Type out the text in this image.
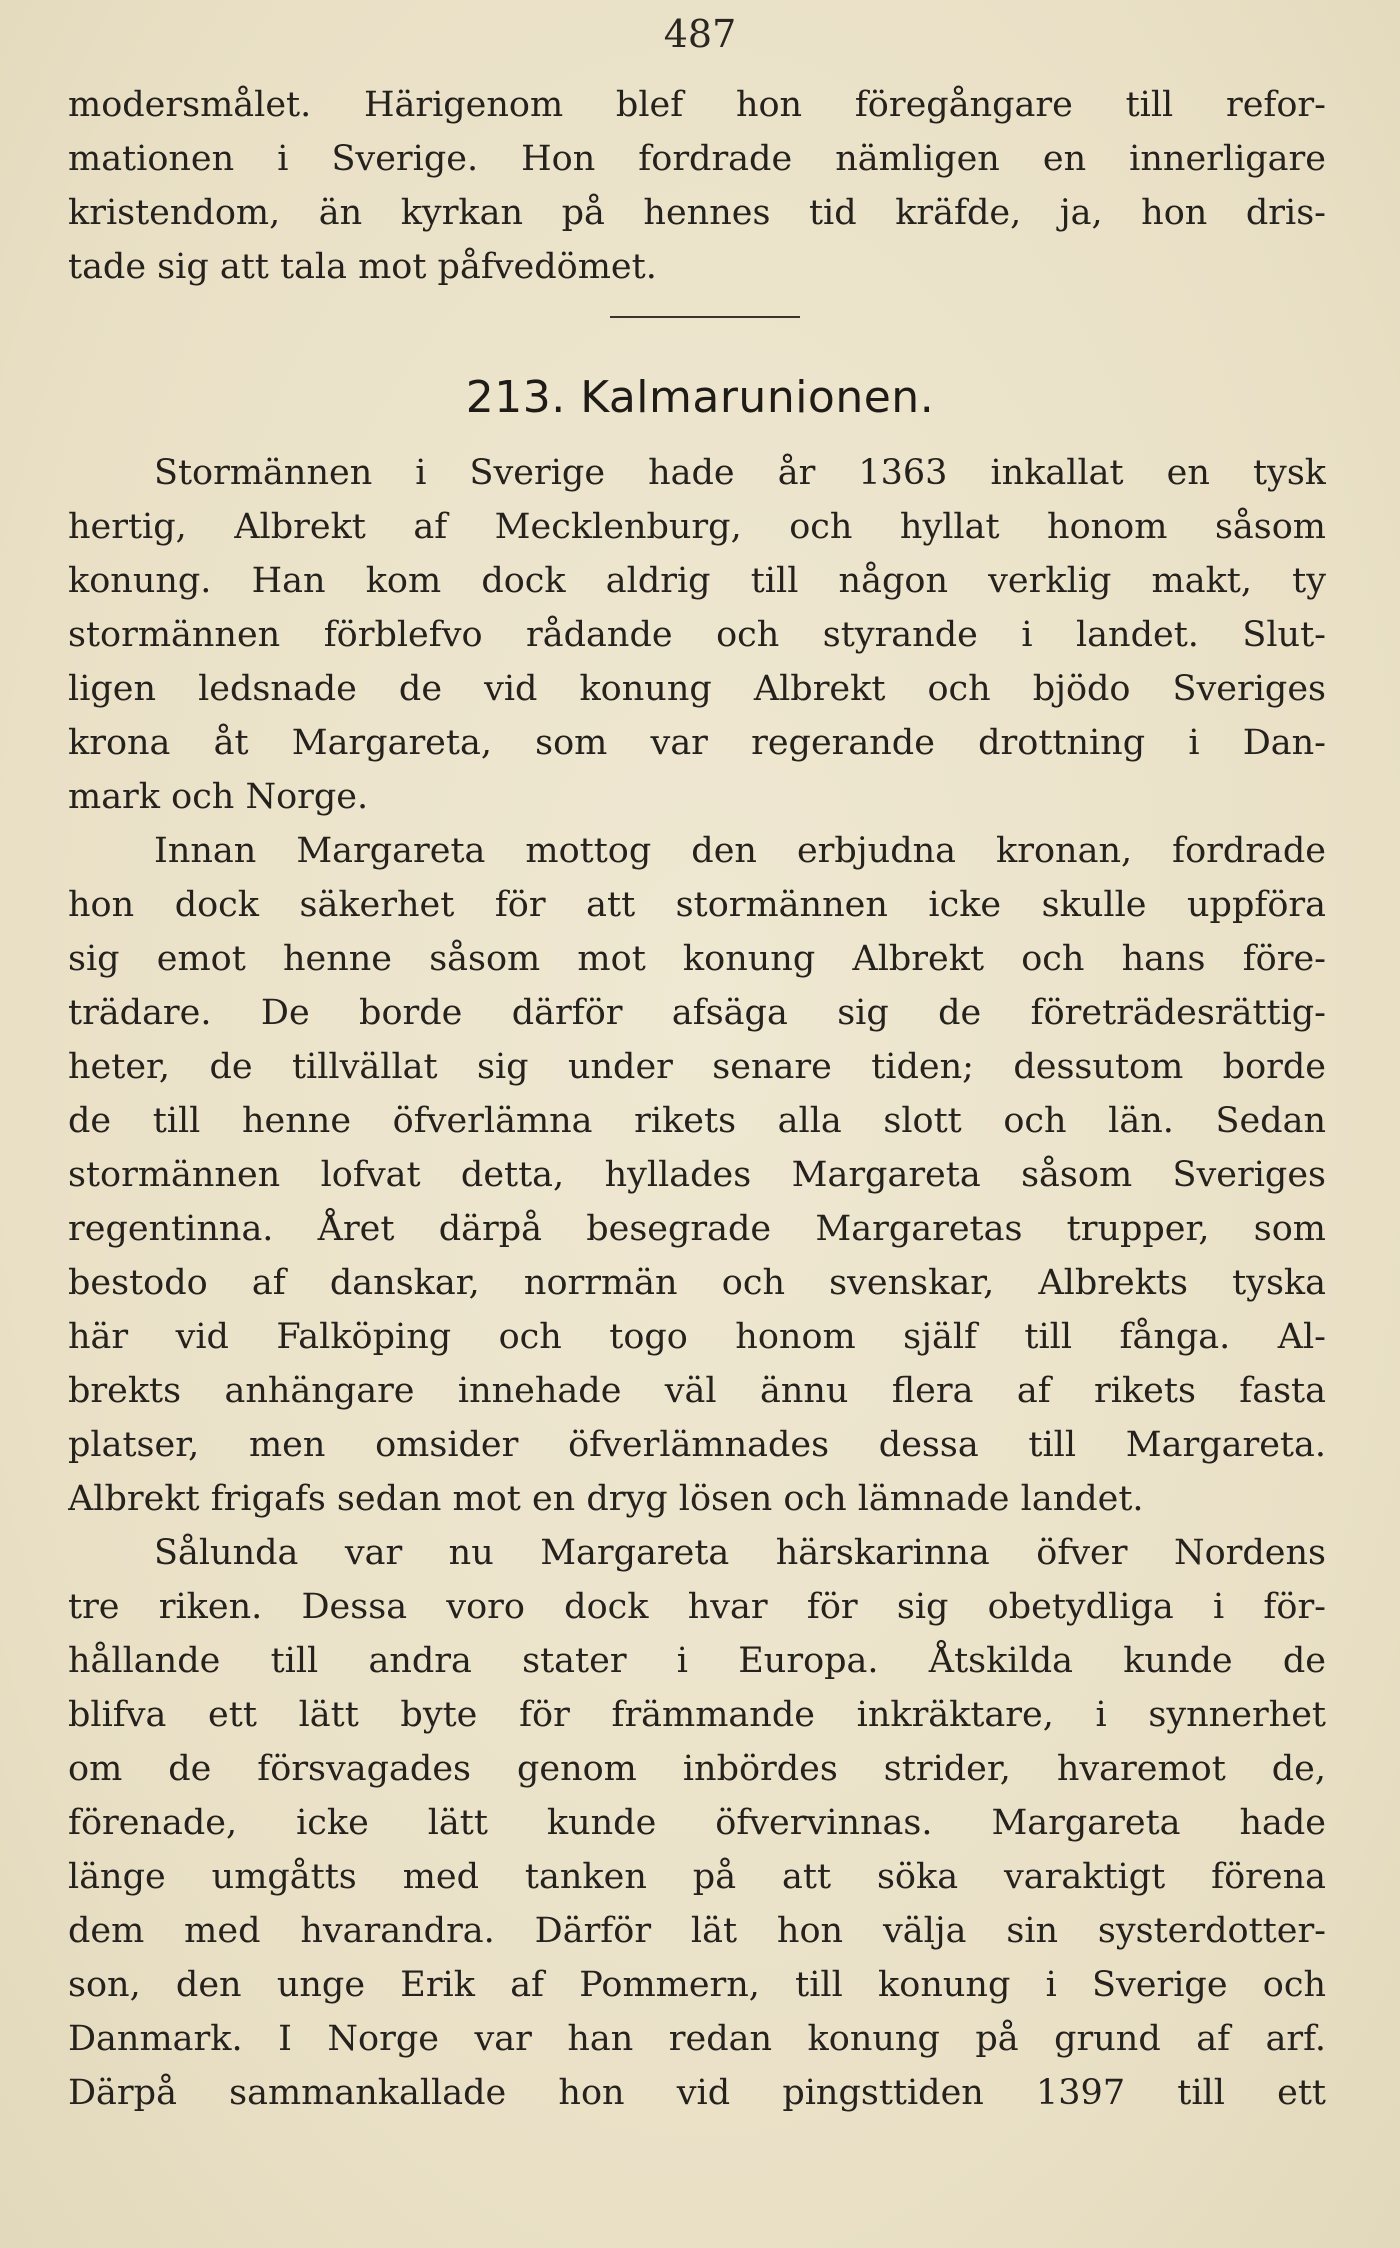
487
modersmålet. Härigenom blef hon föregångare till refor-
mationen i Sverige. Hon fordrade nämligen en innerligare
kristendom, än kyrkan på hennes tid kräfde, ja, hon dris-
tade sig att tala mot påfvedömet.
213. Kalmarunionen.
Stormännen i Sverige hade år 1363 inkallat en tysk
hertig, Albrekt af Mecklenburg, och hyllat honom såsom
konung. Han kom dock aldrig till någon verklig makt, ty
stormännen förblefvo rådande och styrande i landet. Slut-
ligen ledsnade de vid konung Albrekt och bjödo Sveriges
krona åt Margareta, som var regerande drottning i Dan-
mark och Norge.
Innan Margareta mottog den erbjudna kronan, fordrade
hon dock säkerhet för att stormännen icke skulle uppföra
sig emot henne såsom mot konung Albrekt och hans före-
trädare. De borde därför afsäga sig de företrädesrättig-
heter, de tillvällat sig under senare tiden; dessutom borde
de till henne öfverlämna rikets alla slott och län. Sedan
stormännen lofvat detta, hyllades Margareta såsom Sveriges
regentinna. Året därpå besegrade Margaretas trupper, som
bestodo af danskar, norrmän och svenskar, Albrekts tyska
här vid Falköping och togo honom själf till fånga. Al-
brekts anhängare innehade väl ännu flera af rikets fasta
platser, men omsider öfverlämnades dessa till Margareta.
Albrekt frigafs sedan mot en dryg lösen och lämnade landet.
Sålunda var nu Margareta härskarinna öfver Nordens
tre riken. Dessa voro dock hvar för sig obetydliga i för-
hållande till andra stater i Europa. Åtskilda kunde de
blifva ett lätt byte för främmande inkräktare, i synnerhet
om de försvagades genom inbördes strider, hvaremot de,
förenade, icke lätt kunde öfvervinnas. Margareta hade
länge umgåtts med tanken på att söka varaktigt förena
dem med hvarandra. Därför lät hon välja sin systerdotter-
son, den unge Erik af Pommern, till konung i Sverige och
Danmark. I Norge var han redan konung på grund af arf.
Därpå sammankallade hon vid pingsttiden 1397 till ett
